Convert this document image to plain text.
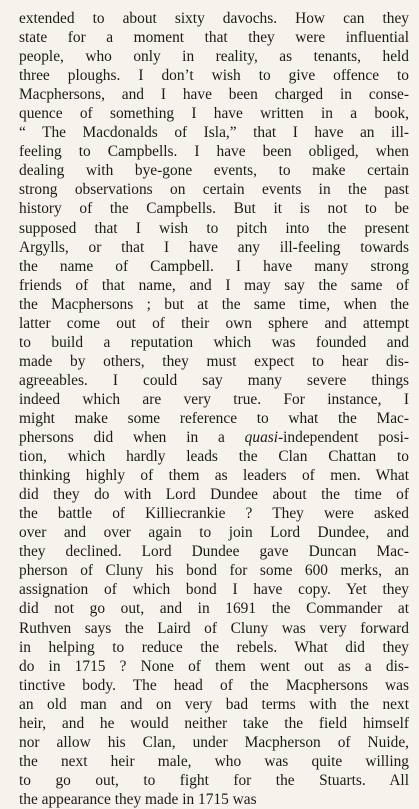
extended to about sixty davochs. How can they
state for a moment that they were influential
people, who only in reality, as tenants, held
three ploughs. I don’t wish to give offence to
Macphersons, and I have been charged in conse-
quence of something I have written in a book,
“ The Macdonalds of Isla,” that I have an ill-
feeling to Campbells. I have been obliged, when
dealing with bye-gone events, to make certain
strong observations on certain events in the past
history of the Campbells. But it is not to be
supposed that I wish to pitch into the present
Argylls, or that I have any ill-feeling towards
the name of Campbell. I have many strong
friends of that name, and I may say the same of
the Macphersons ; but at the same time, when the
latter come out of their own sphere and attempt
to build a reputation which was founded and
made by others, they must expect to hear dis-
agreeables. I could say many severe things
indeed which are very true. For instance, I
might make some reference to what the Mac-
phersons did when in a quasi-independent posi-
tion, which hardly leads the Clan Chattan to
thinking highly of them as leaders of men. What
did they do with Lord Dundee about the time of
the battle of Killiecrankie ? They were asked
over and over again to join Lord Dundee, and
they declined. Lord Dundee gave Duncan Mac-
pherson of Cluny his bond for some 600 merks, an
assignation of which bond I have copy. Yet they
did not go out, and in 1691 the Commander at
Ruthven says the Laird of Cluny was very forward
in helping to reduce the rebels. What did they
do in 1715 ? None of them went out as a dis-
tinctive body. The head of the Macphersons was
an old man and on very bad terms with the next
heir, and he would neither take the field himself
nor allow his Clan, under Macpherson of Nuide,
the next heir male, who was quite willing
to go out, to fight for the Stuarts. All
the appearance they made in 1715 was
